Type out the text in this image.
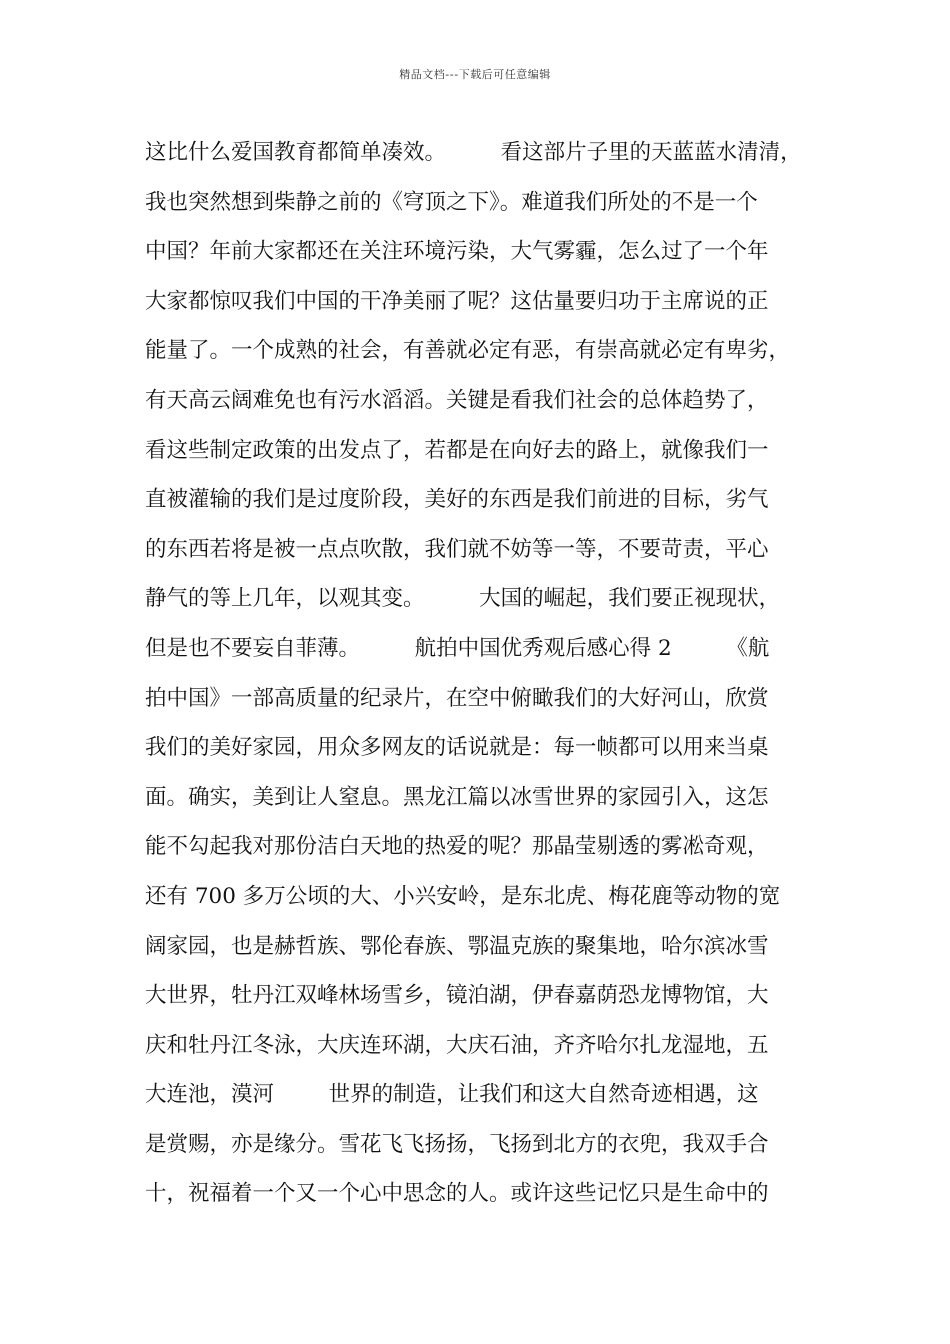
精品文档---下载后可任意编辑
这比什么爱国教育都简单凑效。        看这部片子里的天蓝蓝水清清，
我也突然想到柴静之前的《穹顶之下》。难道我们所处的不是一个
中国？年前大家都还在关注环境污染，大气雾霾，怎么过了一个年
大家都惊叹我们中国的干净美丽了呢？这估量要归功于主席说的正
能量了。一个成熟的社会，有善就必定有恶，有崇高就必定有卑劣，
有天高云阔难免也有污水滔滔。关键是看我们社会的总体趋势了，
看这些制定政策的出发点了，若都是在向好去的路上，就像我们一
直被灌输的我们是过度阶段，美好的东西是我们前进的目标，劣气
的东西若将是被一点点吹散，我们就不妨等一等，不要苛责，平心
静气的等上几年，以观其变。        大国的崛起，我们要正视现状，
但是也不要妄自菲薄。        航拍中国优秀观后感心得 2        《航
拍中国》一部高质量的纪录片，在空中俯瞰我们的大好河山，欣赏
我们的美好家园，用众多网友的话说就是：每一帧都可以用来当桌
面。确实，美到让人窒息。黑龙江篇以冰雪世界的家园引入，这怎
能不勾起我对那份洁白天地的热爱的呢？那晶莹剔透的雾凇奇观，
还有 700 多万公顷的大、小兴安岭，是东北虎、梅花鹿等动物的宽
阔家园，也是赫哲族、鄂伦春族、鄂温克族的聚集地，哈尔滨冰雪
大世界，牡丹江双峰林场雪乡，镜泊湖，伊春嘉荫恐龙博物馆，大
庆和牡丹江冬泳，大庆连环湖，大庆石油，齐齐哈尔扎龙湿地，五
大连池，漠河        世界的制造，让我们和这大自然奇迹相遇，这
是赏赐，亦是缘分。雪花飞飞扬扬，飞扬到北方的衣兜，我双手合
十，祝福着一个又一个心中思念的人。或许这些记忆只是生命中的
